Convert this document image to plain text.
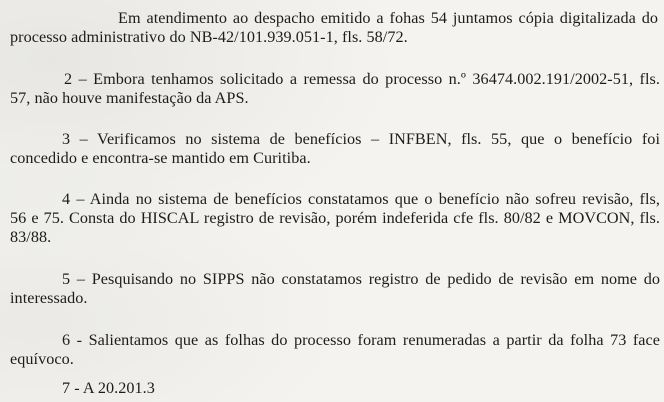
Em atendimento ao despacho emitido a fohas 54 juntamos cópia digitalizada do
processo administrativo do NB-42/101.939.051-1, fls. 58/72.
2 – Embora tenhamos solicitado a remessa do processo n.º 36474.002.191/2002-51, fls.
57, não houve manifestação da APS.
3 – Verificamos no sistema de benefícios – INFBEN, fls. 55, que o benefício foi
concedido e encontra-se mantido em Curitiba.
4 – Ainda no sistema de benefícios constatamos que o benefício não sofreu revisão, fls,
56 e 75. Consta do HISCAL registro de revisão, porém indeferida cfe fls. 80/82 e MOVCON, fls.
83/88.
5 – Pesquisando no SIPPS não constatamos registro de pedido de revisão em nome do
interessado.
6 - Salientamos que as folhas do processo foram renumeradas a partir da folha 73 face
equívoco.
7 - A 20.201.3
